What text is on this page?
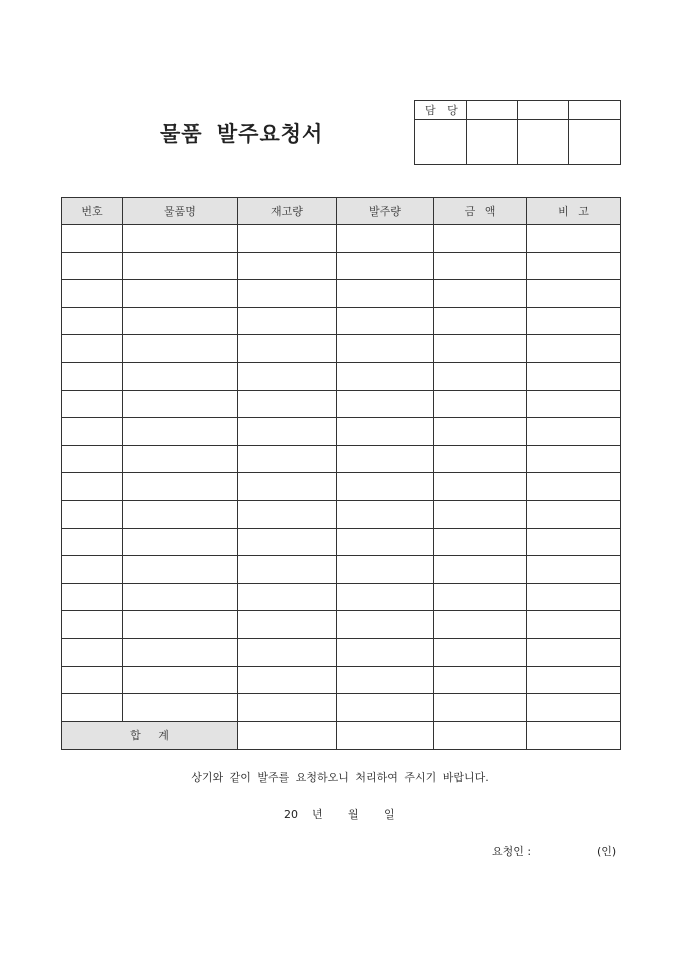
물품 발주요청서
담 당			

번호	물품명	재고량	발주량	금 액	비 고

합 계					
상기와 같이 발주를 요청하오니 처리하여 주시기 바랍니다.
20 년 월 일
요청인 :	(인)
